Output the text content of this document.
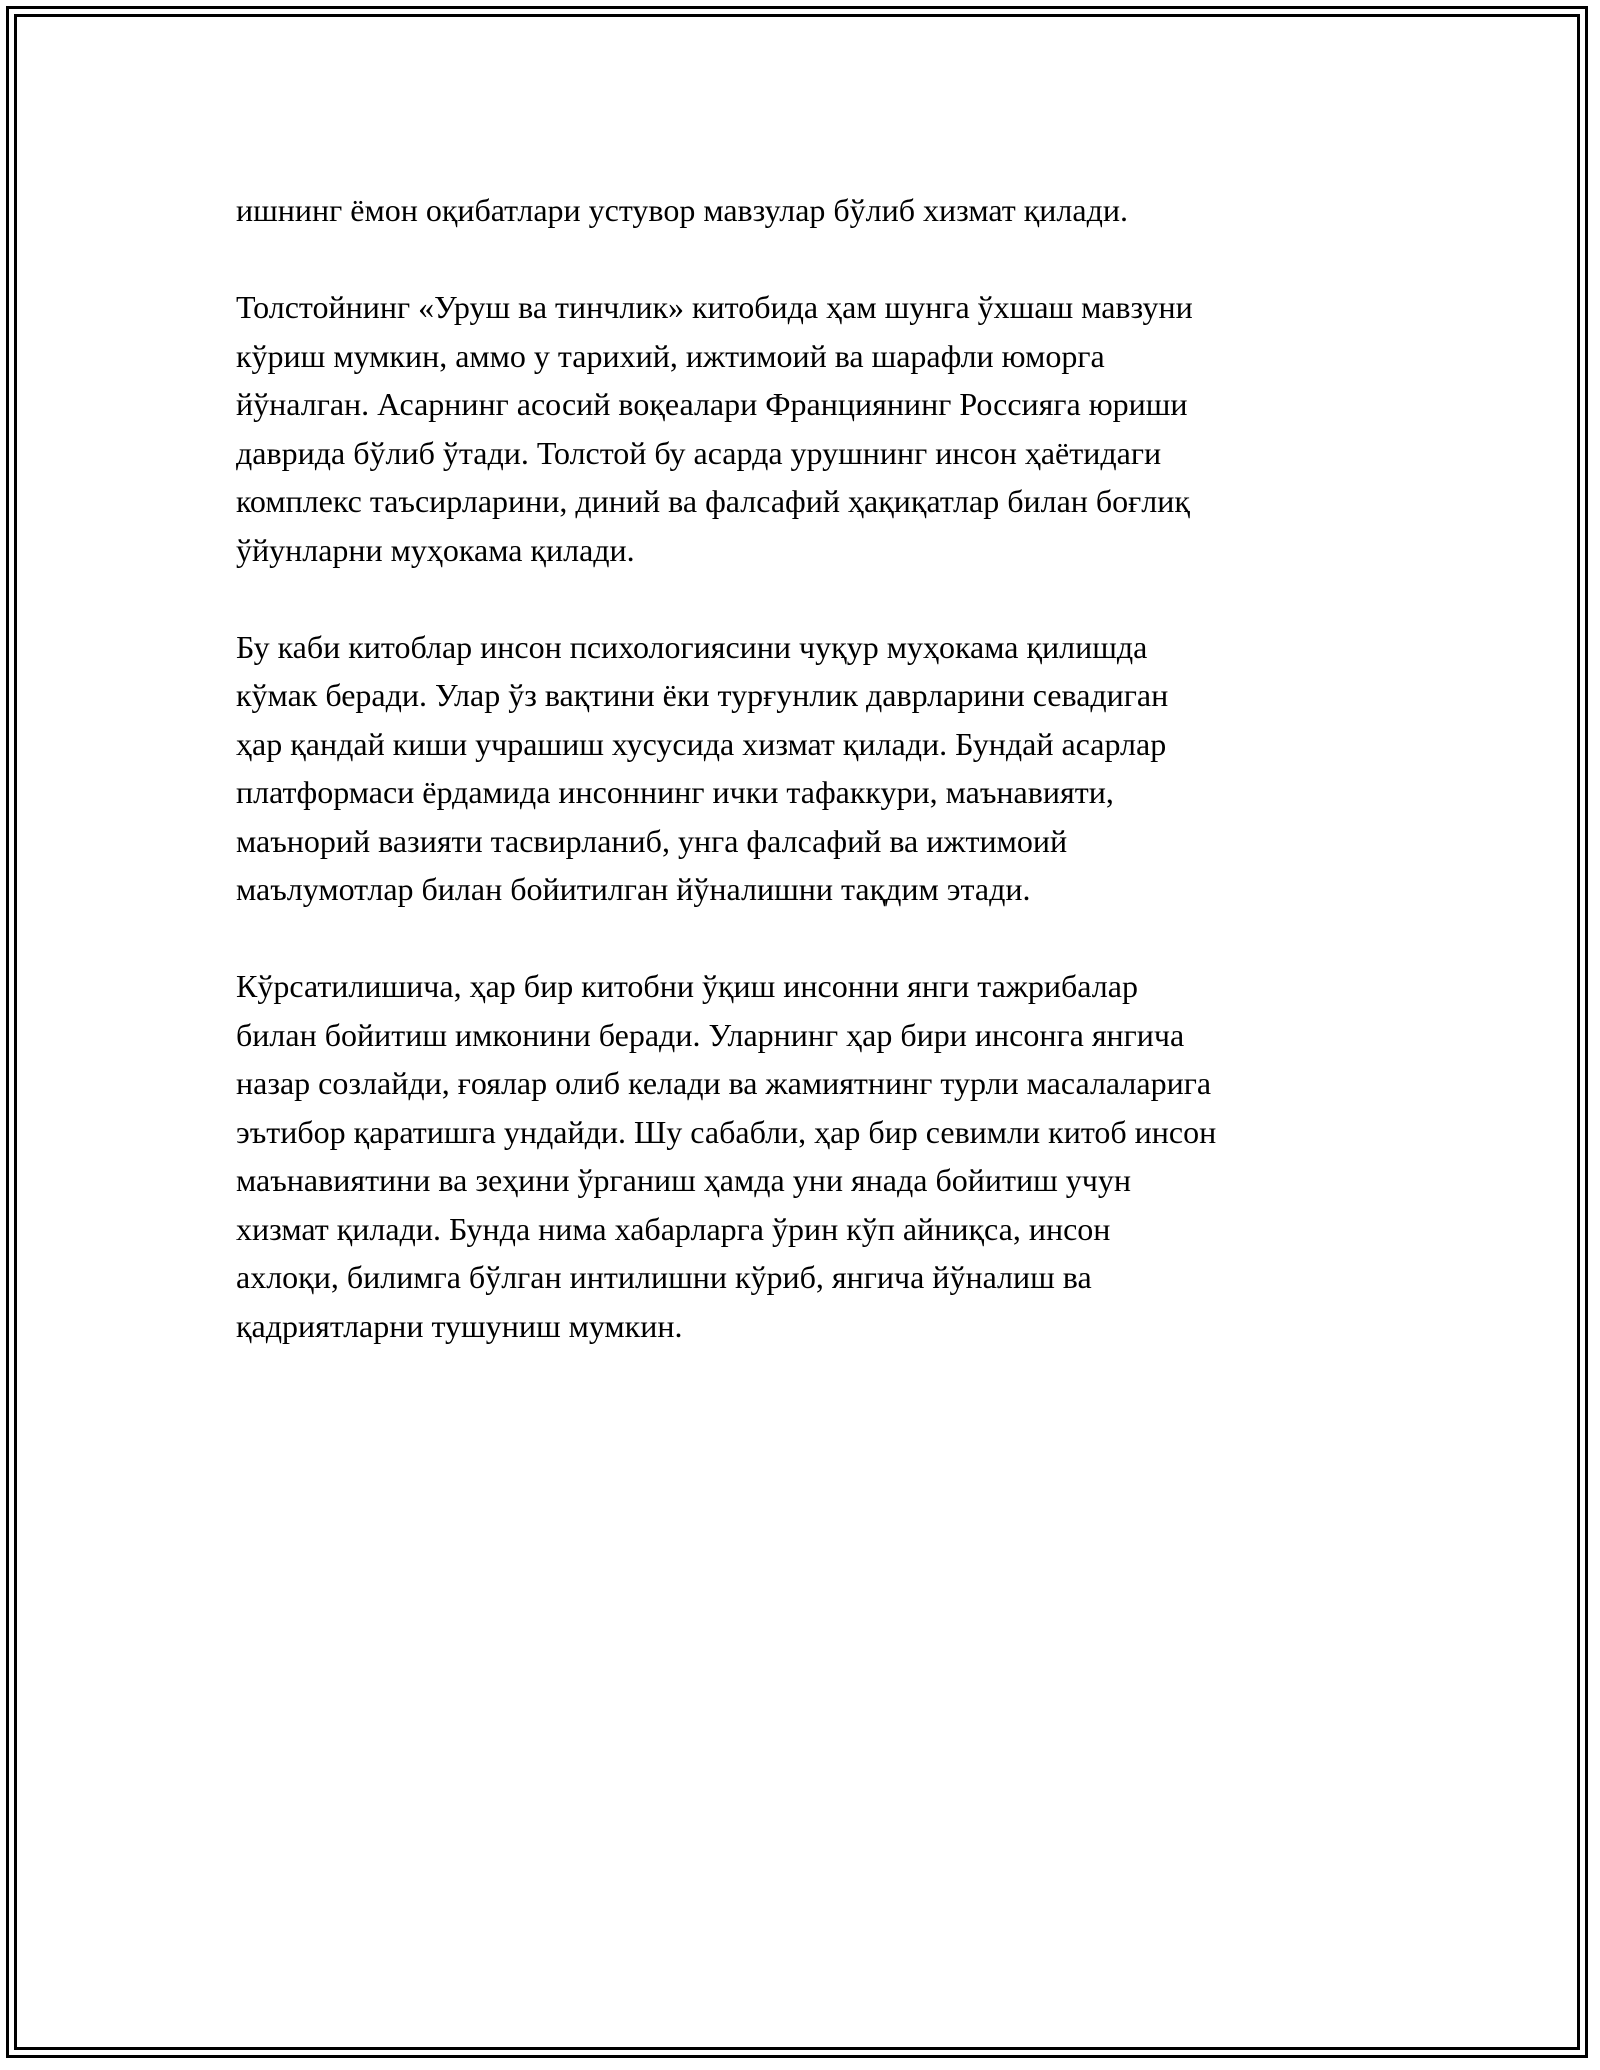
ишнинг ёмон оқибатлари устувор мавзулар бўлиб хизмат қилади.

Толстойнинг «Уруш ва тинчлик» китобида ҳам шунга ўхшаш мавзуни
кўриш мумкин, аммо у тарихий, ижтимоий ва шарафли юморга
йўналган. Асарнинг асосий воқеалари Франциянинг Россияга юриши
даврида бўлиб ўтади. Толстой бу асарда урушнинг инсон ҳаётидаги
комплекс таъсирларини, диний ва фалсафий ҳақиқатлар билан боғлиқ
ўйунларни муҳокама қилади.

Бу каби китоблар инсон психологиясини чуқур муҳокама қилишда
кўмак беради. Улар ўз вақтини ёки турғунлик даврларини севадиган
ҳар қандай киши учрашиш хусусида хизмат қилади. Бундай асарлар
платформаси ёрдамида инсоннинг ички тафаккури, маънавияти,
маънорий вазияти тасвирланиб, унга фалсафий ва ижтимоий
маълумотлар билан бойитилган йўналишни тақдим этади.

Кўрсатилишича, ҳар бир китобни ўқиш инсонни янги тажрибалар
билан бойитиш имконини беради. Уларнинг ҳар бири инсонга янгича
назар созлайди, ғоялар олиб келади ва жамиятнинг турли масалаларига
эътибор қаратишга ундайди. Шу сабабли, ҳар бир севимли китоб инсон
маънавиятини ва зеҳини ўрганиш ҳамда уни янада бойитиш учун
хизмат қилади. Бунда нима хабарларга ўрин кўп айниқса, инсон
ахлоқи, билимга бўлган интилишни кўриб, янгича йўналиш ва
қадриятларни тушуниш мумкин.
